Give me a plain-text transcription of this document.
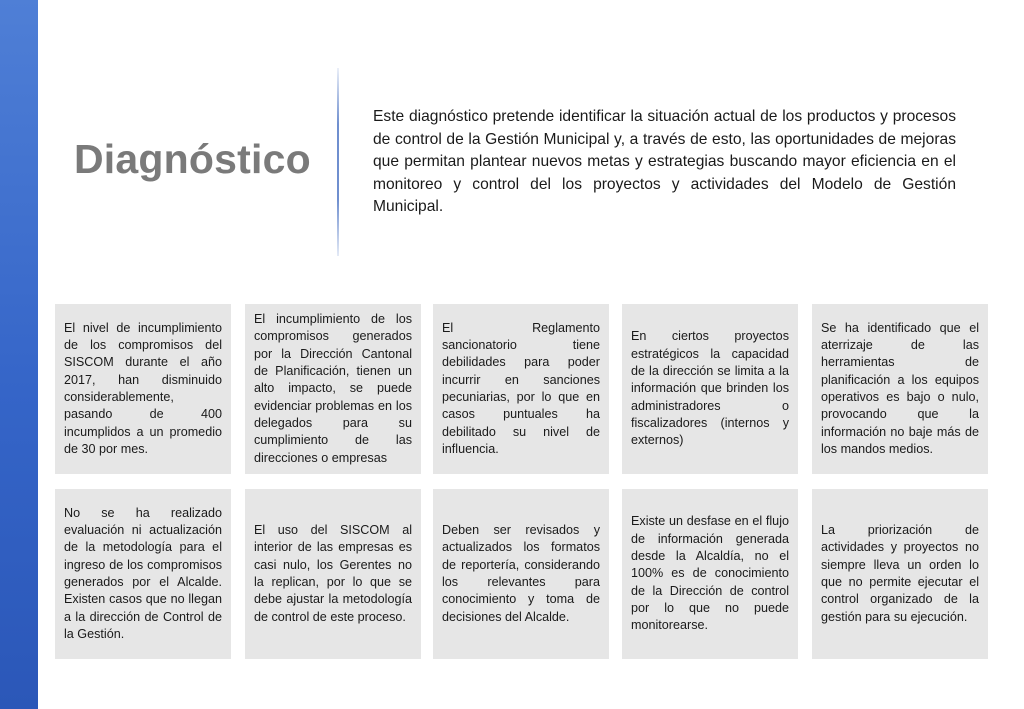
Diagnóstico
Este diagnóstico pretende identificar la situación actual de los productos y procesos de control de la Gestión Municipal y, a través de esto, las oportunidades de mejoras que permitan plantear nuevos metas y estrategias buscando mayor eficiencia en el monitoreo y control del los proyectos y actividades del Modelo de Gestión Municipal.
El nivel de incumplimiento de los compromisos del SISCOM durante el año 2017, han disminuido considerablemente, pasando de 400 incumplidos a un promedio de 30 por mes.
El incumplimiento de los compromisos generados por la Dirección Cantonal de Planificación, tienen un alto impacto, se puede evidenciar problemas en los delegados para su cumplimiento de las direcciones o empresas
El Reglamento sancionatorio tiene debilidades para poder incurrir en sanciones pecuniarias, por lo que en casos puntuales ha debilitado su nivel de influencia.
En ciertos proyectos estratégicos la capacidad de la dirección se limita a la información que brinden los administradores o fiscalizadores (internos y externos)
Se ha identificado que el aterrizaje de las herramientas de planificación a los equipos operativos es bajo o nulo, provocando que la información no baje más de los mandos medios.
No se ha realizado evaluación ni actualización de la metodología para el ingreso de los compromisos generados por el Alcalde. Existen casos que no llegan a la dirección de Control de la Gestión.
El uso del SISCOM al interior de las empresas es casi nulo, los Gerentes no la replican, por lo que se debe ajustar la metodología de control de este proceso.
Deben ser revisados y actualizados los formatos de reportería, considerando los relevantes para conocimiento y toma de decisiones del Alcalde.
Existe un desfase en el flujo de información generada desde la Alcaldía, no el 100% es de conocimiento de la Dirección de control por lo que no puede monitorearse.
La priorización de actividades y proyectos no siempre lleva un orden lo que no permite ejecutar el control organizado de la gestión para su ejecución.
